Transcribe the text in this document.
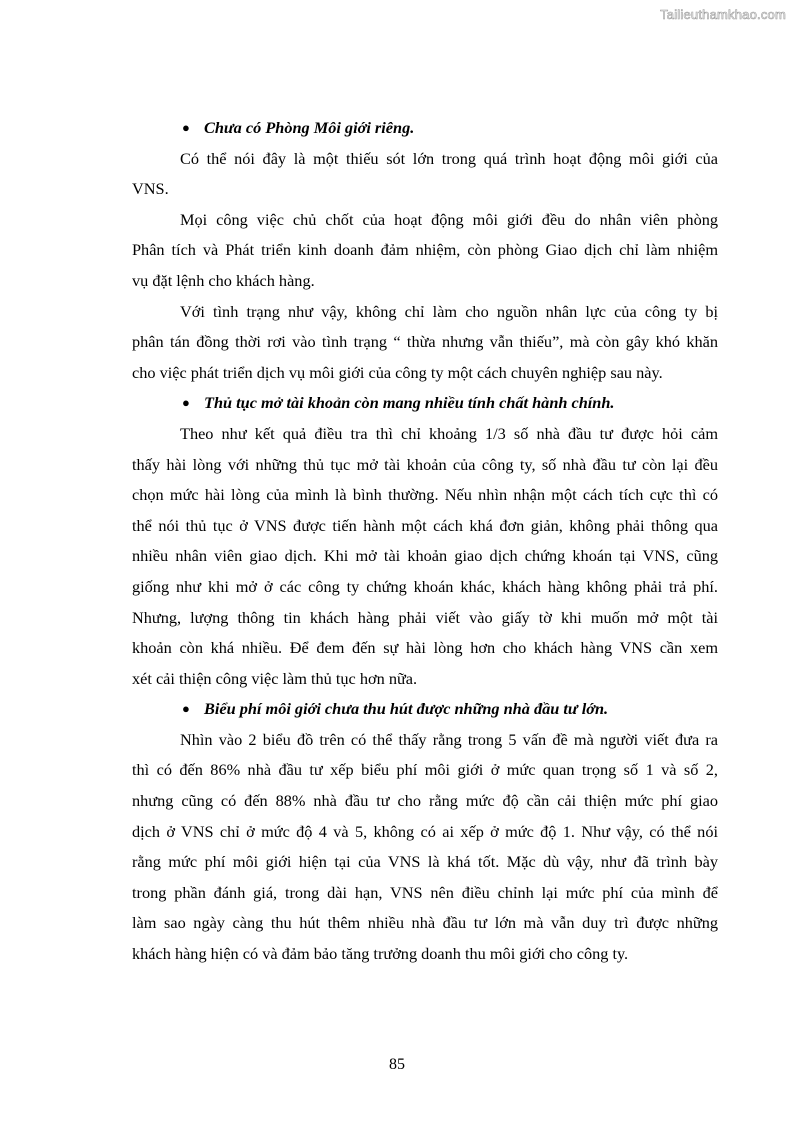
Tailieuthamkhao.com
● Chưa có Phòng Môi giới riêng.
Có thể nói đây là một thiếu sót lớn trong quá trình hoạt động môi giới của
VNS.
Mọi công việc chủ chốt của hoạt động môi giới đều do nhân viên phòng
Phân tích và Phát triển kinh doanh đảm nhiệm, còn phòng Giao dịch chỉ làm nhiệm
vụ đặt lệnh cho khách hàng.
Với tình trạng như vậy, không chỉ làm cho nguồn nhân lực của công ty bị
phân tán đồng thời rơi vào tình trạng “ thừa nhưng vẫn thiếu”, mà còn gây khó khăn
cho việc phát triển dịch vụ môi giới của công ty một cách chuyên nghiệp sau này.
● Thủ tục mở tài khoản còn mang nhiều tính chất hành chính.
Theo như kết quả điều tra thì chỉ khoảng 1/3 số nhà đầu tư được hỏi cảm
thấy hài lòng với những thủ tục mở tài khoản của công ty, số nhà đầu tư còn lại đều
chọn mức hài lòng của mình là bình thường. Nếu nhìn nhận một cách tích cực thì có
thể nói thủ tục ở VNS được tiến hành một cách khá đơn giản, không phải thông qua
nhiều nhân viên giao dịch. Khi mở tài khoản giao dịch chứng khoán tại VNS, cũng
giống như khi mở ở các công ty chứng khoán khác, khách hàng không phải trả phí.
Nhưng, lượng thông tin khách hàng phải viết vào giấy tờ khi muốn mở một tài
khoản còn khá nhiều. Để đem đến sự hài lòng hơn cho khách hàng VNS cần xem
xét cải thiện công việc làm thủ tục hơn nữa.
● Biểu phí môi giới chưa thu hút được những nhà đầu tư lớn.
Nhìn vào 2 biểu đồ trên có thể thấy rằng trong 5 vấn đề mà người viết đưa ra
thì có đến 86% nhà đầu tư xếp biểu phí môi giới ở mức quan trọng số 1 và số 2,
nhưng cũng có đến 88% nhà đầu tư cho rằng mức độ cần cải thiện mức phí giao
dịch ở VNS chỉ ở mức độ 4 và 5, không có ai xếp ở mức độ 1. Như vậy, có thể nói
rằng mức phí môi giới hiện tại của VNS là khá tốt. Mặc dù vậy, như đã trình bày
trong phần đánh giá, trong dài hạn, VNS nên điều chỉnh lại mức phí của mình để
làm sao ngày càng thu hút thêm nhiều nhà đầu tư lớn mà vẫn duy trì được những
khách hàng hiện có và đảm bảo tăng trưởng doanh thu môi giới cho công ty.
85
